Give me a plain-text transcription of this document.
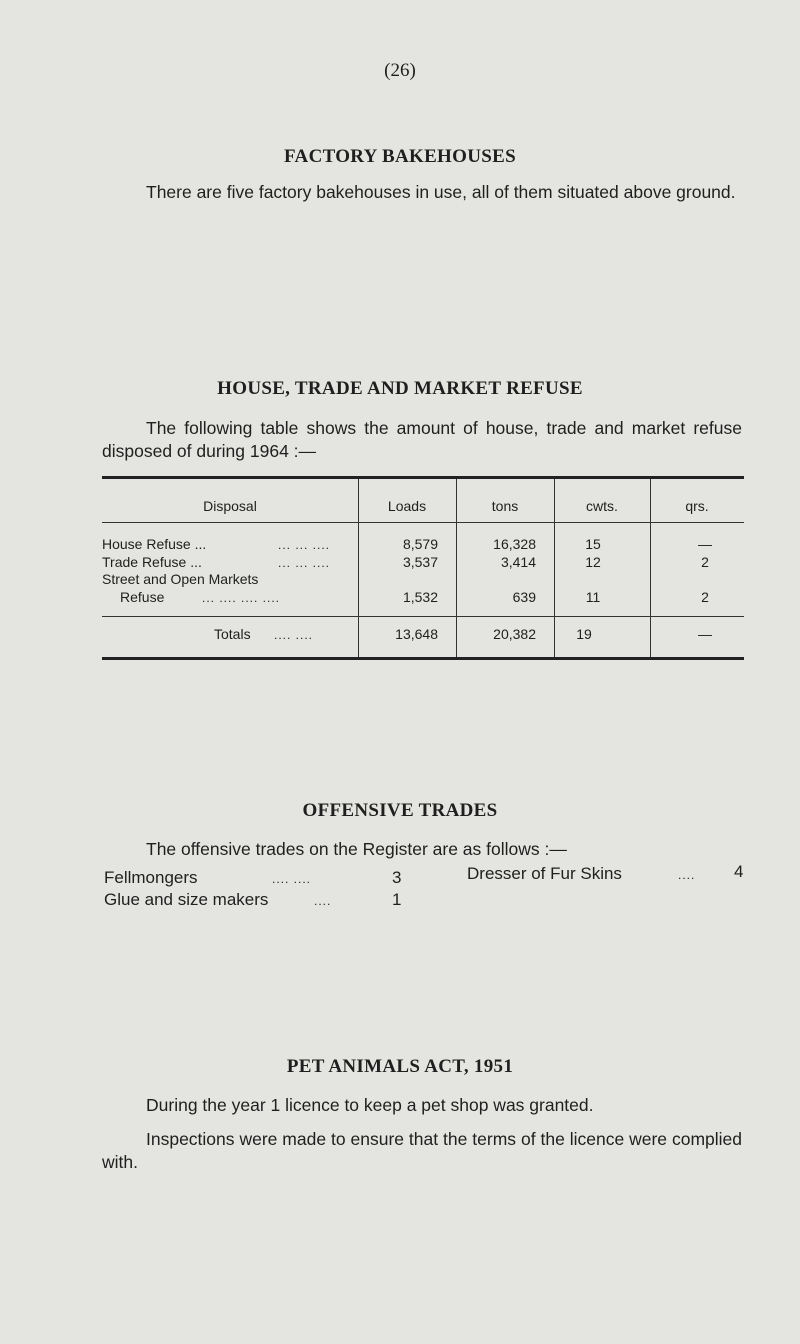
(26)
FACTORY BAKEHOUSES
There are five factory bakehouses in use, all of them situated above ground.
HOUSE, TRADE AND MARKET REFUSE
The following table shows the amount of house, trade and market refuse disposed of during 1964 :—
Disposal	Loads	tons	cwts.	qrs.
House Refuse ...	... ... ....	8,579	16,328	15	—
Trade Refuse ...	... ... ....	3,537	3,414	12	2
Street and Open Markets
Refuse	... .... .... ....	1,532	639	11	2
Totals .... ....	13,648	20,382	19	—
OFFENSIVE TRADES
The offensive trades on the Register are as follows :—
Fellmongers	.... ....	3
Glue and size makers	....	1
Dresser of Fur Skins	.... 4
PET ANIMALS ACT, 1951
During the year 1 licence to keep a pet shop was granted.
Inspections were made to ensure that the terms of the licence were complied with.
